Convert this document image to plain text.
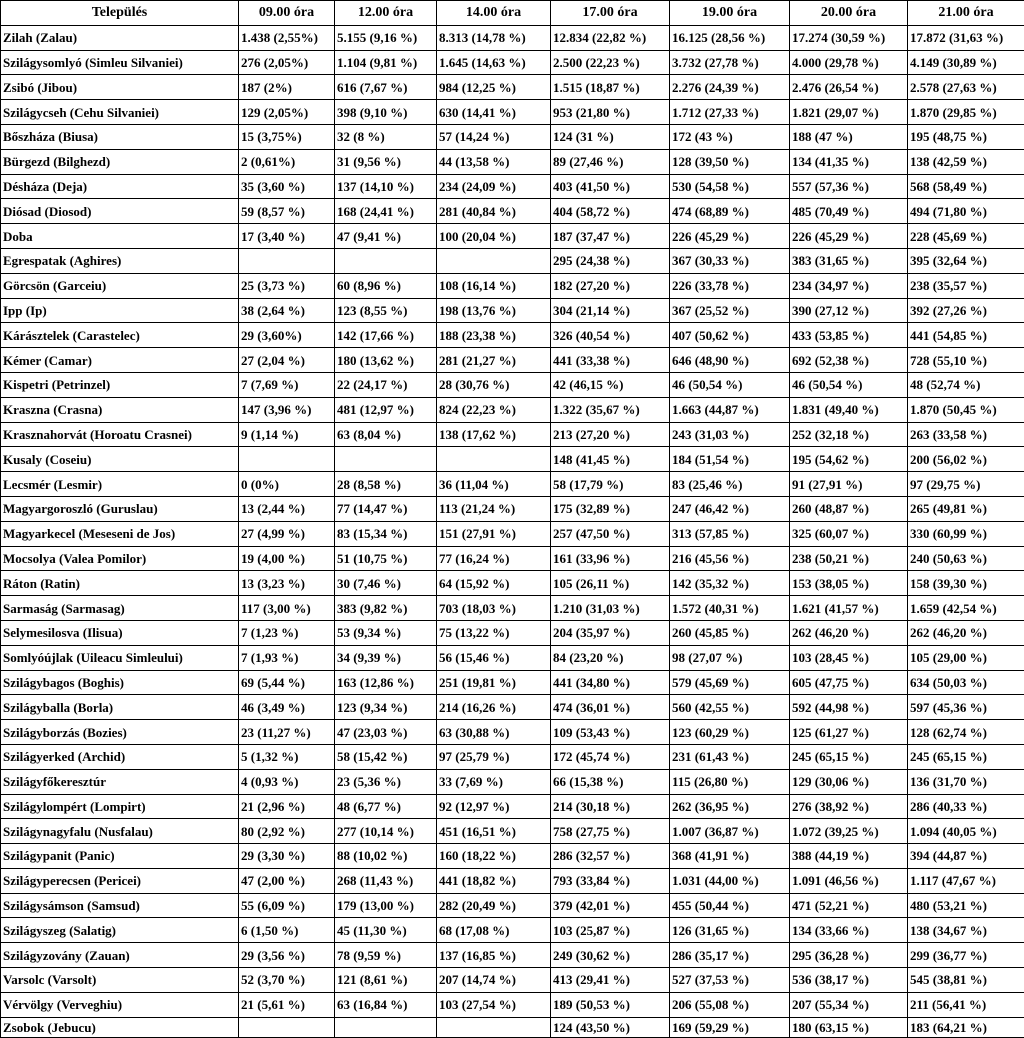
Település	09.00 óra	12.00 óra	14.00 óra	17.00 óra	19.00 óra	20.00 óra	21.00 óra
Zilah (Zalau)	1.438 (2,55%)	5.155 (9,16 %)	8.313 (14,78 %)	12.834 (22,82 %)	16.125 (28,56 %)	17.274 (30,59 %)	17.872 (31,63 %)
Szilágysomlyó (Simleu Silvaniei)	276 (2,05%)	1.104 (9,81 %)	1.645 (14,63 %)	2.500 (22,23 %)	3.732 (27,78 %)	4.000 (29,78 %)	4.149 (30,89 %)
Zsibó (Jibou)	187 (2%)	616 (7,67 %)	984 (12,25 %)	1.515 (18,87 %)	2.276 (24,39 %)	2.476 (26,54 %)	2.578 (27,63 %)
Szilágycseh (Cehu Silvaniei)	129 (2,05%)	398 (9,10 %)	630 (14,41 %)	953 (21,80 %)	1.712 (27,33 %)	1.821 (29,07 %)	1.870 (29,85 %)
Bőszháza (Biusa)	15 (3,75%)	32 (8 %)	57 (14,24 %)	124 (31 %)	172 (43 %)	188 (47 %)	195 (48,75 %)
Bürgezd (Bilghezd)	2 (0,61%)	31 (9,56 %)	44 (13,58 %)	89 (27,46 %)	128 (39,50 %)	134 (41,35 %)	138 (42,59 %)
Désháza (Deja)	35 (3,60 %)	137 (14,10 %)	234 (24,09 %)	403 (41,50 %)	530 (54,58 %)	557 (57,36 %)	568 (58,49 %)
Diósad (Diosod)	59 (8,57 %)	168 (24,41 %)	281 (40,84 %)	404 (58,72 %)	474 (68,89 %)	485 (70,49 %)	494 (71,80 %)
Doba	17 (3,40 %)	47 (9,41 %)	100 (20,04 %)	187 (37,47 %)	226 (45,29 %)	226 (45,29 %)	228 (45,69 %)
Egrespatak (Aghires)				295 (24,38 %)	367 (30,33 %)	383 (31,65 %)	395 (32,64 %)
Görcsön (Garceiu)	25 (3,73 %)	60 (8,96 %)	108 (16,14 %)	182 (27,20 %)	226 (33,78 %)	234 (34,97 %)	238 (35,57 %)
Ipp (Ip)	38 (2,64 %)	123 (8,55 %)	198 (13,76 %)	304 (21,14 %)	367 (25,52 %)	390 (27,12 %)	392 (27,26 %)
Kárásztelek (Carastelec)	29 (3,60%)	142 (17,66 %)	188 (23,38 %)	326 (40,54 %)	407 (50,62 %)	433 (53,85 %)	441 (54,85 %)
Kémer (Camar)	27 (2,04 %)	180 (13,62 %)	281 (21,27 %)	441 (33,38 %)	646 (48,90 %)	692 (52,38 %)	728 (55,10 %)
Kispetri (Petrinzel)	7 (7,69 %)	22 (24,17 %)	28 (30,76 %)	42 (46,15 %)	46 (50,54 %)	46 (50,54 %)	48 (52,74 %)
Kraszna (Crasna)	147 (3,96 %)	481 (12,97 %)	824 (22,23 %)	1.322 (35,67 %)	1.663 (44,87 %)	1.831 (49,40 %)	1.870 (50,45 %)
Krasznahorvát (Horoatu Crasnei)	9 (1,14 %)	63 (8,04 %)	138 (17,62 %)	213 (27,20 %)	243 (31,03 %)	252 (32,18 %)	263 (33,58 %)
Kusaly (Coseiu)				148 (41,45 %)	184 (51,54 %)	195 (54,62 %)	200 (56,02 %)
Lecsmér (Lesmir)	0 (0%)	28 (8,58 %)	36 (11,04 %)	58 (17,79 %)	83 (25,46 %)	91 (27,91 %)	97 (29,75 %)
Magyargoroszló (Guruslau)	13 (2,44 %)	77 (14,47 %)	113 (21,24 %)	175 (32,89 %)	247 (46,42 %)	260 (48,87 %)	265 (49,81 %)
Magyarkecel (Meseseni de Jos)	27 (4,99 %)	83 (15,34 %)	151 (27,91 %)	257 (47,50 %)	313 (57,85 %)	325 (60,07 %)	330 (60,99 %)
Mocsolya (Valea Pomilor)	19 (4,00 %)	51 (10,75 %)	77 (16,24 %)	161 (33,96 %)	216 (45,56 %)	238 (50,21 %)	240 (50,63 %)
Ráton (Ratin)	13 (3,23 %)	30 (7,46 %)	64 (15,92 %)	105 (26,11 %)	142 (35,32 %)	153 (38,05 %)	158 (39,30 %)
Sarmaság (Sarmasag)	117 (3,00 %)	383 (9,82 %)	703 (18,03 %)	1.210 (31,03 %)	1.572 (40,31 %)	1.621 (41,57 %)	1.659 (42,54 %)
Selymesilosva (Ilisua)	7 (1,23 %)	53 (9,34 %)	75 (13,22 %)	204 (35,97 %)	260 (45,85 %)	262 (46,20 %)	262 (46,20 %)
Somlyóújlak (Uileacu Simleului)	7 (1,93 %)	34 (9,39 %)	56 (15,46 %)	84 (23,20 %)	98 (27,07 %)	103 (28,45 %)	105 (29,00 %)
Szilágybagos (Boghis)	69 (5,44 %)	163 (12,86 %)	251 (19,81 %)	441 (34,80 %)	579 (45,69 %)	605 (47,75 %)	634 (50,03 %)
Szilágyballa (Borla)	46 (3,49 %)	123 (9,34 %)	214 (16,26 %)	474 (36,01 %)	560 (42,55 %)	592 (44,98 %)	597 (45,36 %)
Szilágyborzás (Bozies)	23 (11,27 %)	47 (23,03 %)	63 (30,88 %)	109 (53,43 %)	123 (60,29 %)	125 (61,27 %)	128 (62,74 %)
Szilágyerked (Archid)	5 (1,32 %)	58 (15,42 %)	97 (25,79 %)	172 (45,74 %)	231 (61,43 %)	245 (65,15 %)	245 (65,15 %)
Szilágyfőkeresztúr	4 (0,93 %)	23 (5,36 %)	33 (7,69 %)	66 (15,38 %)	115 (26,80 %)	129 (30,06 %)	136 (31,70 %)
Szilágylompért (Lompirt)	21 (2,96 %)	48 (6,77 %)	92 (12,97 %)	214 (30,18 %)	262 (36,95 %)	276 (38,92 %)	286 (40,33 %)
Szilágynagyfalu (Nusfalau)	80 (2,92 %)	277 (10,14 %)	451 (16,51 %)	758 (27,75 %)	1.007 (36,87 %)	1.072 (39,25 %)	1.094 (40,05 %)
Szilágypanit (Panic)	29 (3,30 %)	88 (10,02 %)	160 (18,22 %)	286 (32,57 %)	368 (41,91 %)	388 (44,19 %)	394 (44,87 %)
Szilágyperecsen (Pericei)	47 (2,00 %)	268 (11,43 %)	441 (18,82 %)	793 (33,84 %)	1.031 (44,00 %)	1.091 (46,56 %)	1.117 (47,67 %)
Szilágysámson (Samsud)	55 (6,09 %)	179 (13,00 %)	282 (20,49 %)	379 (42,01 %)	455 (50,44 %)	471 (52,21 %)	480 (53,21 %)
Szilágyszeg (Salatig)	6 (1,50 %)	45 (11,30 %)	68 (17,08 %)	103 (25,87 %)	126 (31,65 %)	134 (33,66 %)	138 (34,67 %)
Szilágyzovány (Zauan)	29 (3,56 %)	78 (9,59 %)	137 (16,85 %)	249 (30,62 %)	286 (35,17 %)	295 (36,28 %)	299 (36,77 %)
Varsolc (Varsolt)	52 (3,70 %)	121 (8,61 %)	207 (14,74 %)	413 (29,41 %)	527 (37,53 %)	536 (38,17 %)	545 (38,81 %)
Vérvölgy (Verveghiu)	21 (5,61 %)	63 (16,84 %)	103 (27,54 %)	189 (50,53 %)	206 (55,08 %)	207 (55,34 %)	211 (56,41 %)
Zsobok (Jebucu)				124 (43,50 %)	169 (59,29 %)	180 (63,15 %)	183 (64,21 %)
